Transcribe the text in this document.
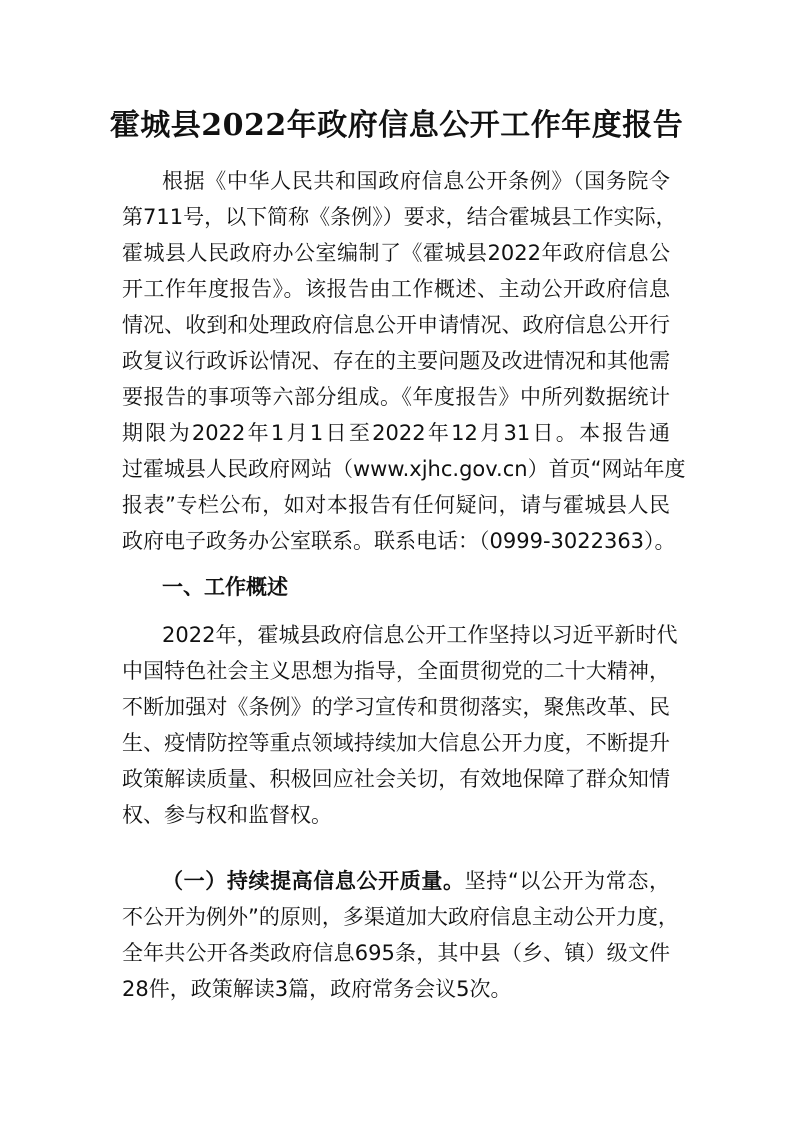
霍城县2022年政府信息公开工作年度报告

根据《中华人民共和国政府信息公开条例》（国务院令

第711号，以下简称《条例》）要求，结合霍城县工作实际，

霍城县人民政府办公室编制了《霍城县2022年政府信息公

开工作年度报告》。该报告由工作概述、主动公开政府信息

情况、收到和处理政府信息公开申请情况、政府信息公开行

政复议行政诉讼情况、存在的主要问题及改进情况和其他需

要报告的事项等六部分组成。《年度报告》中所列数据统计

期限为2022年1月1日至2022年12月31日。本报告通

过霍城县人民政府网站（www.xjhc.gov.cn）首页“网站年度

报表”专栏公布，如对本报告有任何疑问，请与霍城县人民

政府电子政务办公室联系。联系电话：（0999-3022363）。

一、工作概述

2022年，霍城县政府信息公开工作坚持以习近平新时代

中国特色社会主义思想为指导，全面贯彻党的二十大精神，

不断加强对《条例》的学习宣传和贯彻落实，聚焦改革、民

生、疫情防控等重点领域持续加大信息公开力度，不断提升

政策解读质量、积极回应社会关切，有效地保障了群众知情

权、参与权和监督权。

（一）持续提高信息公开质量。坚持“以公开为常态，

不公开为例外”的原则，多渠道加大政府信息主动公开力度，

全年共公开各类政府信息695条，其中县（乡、镇）级文件

28件，政策解读3篇，政府常务会议5次。
